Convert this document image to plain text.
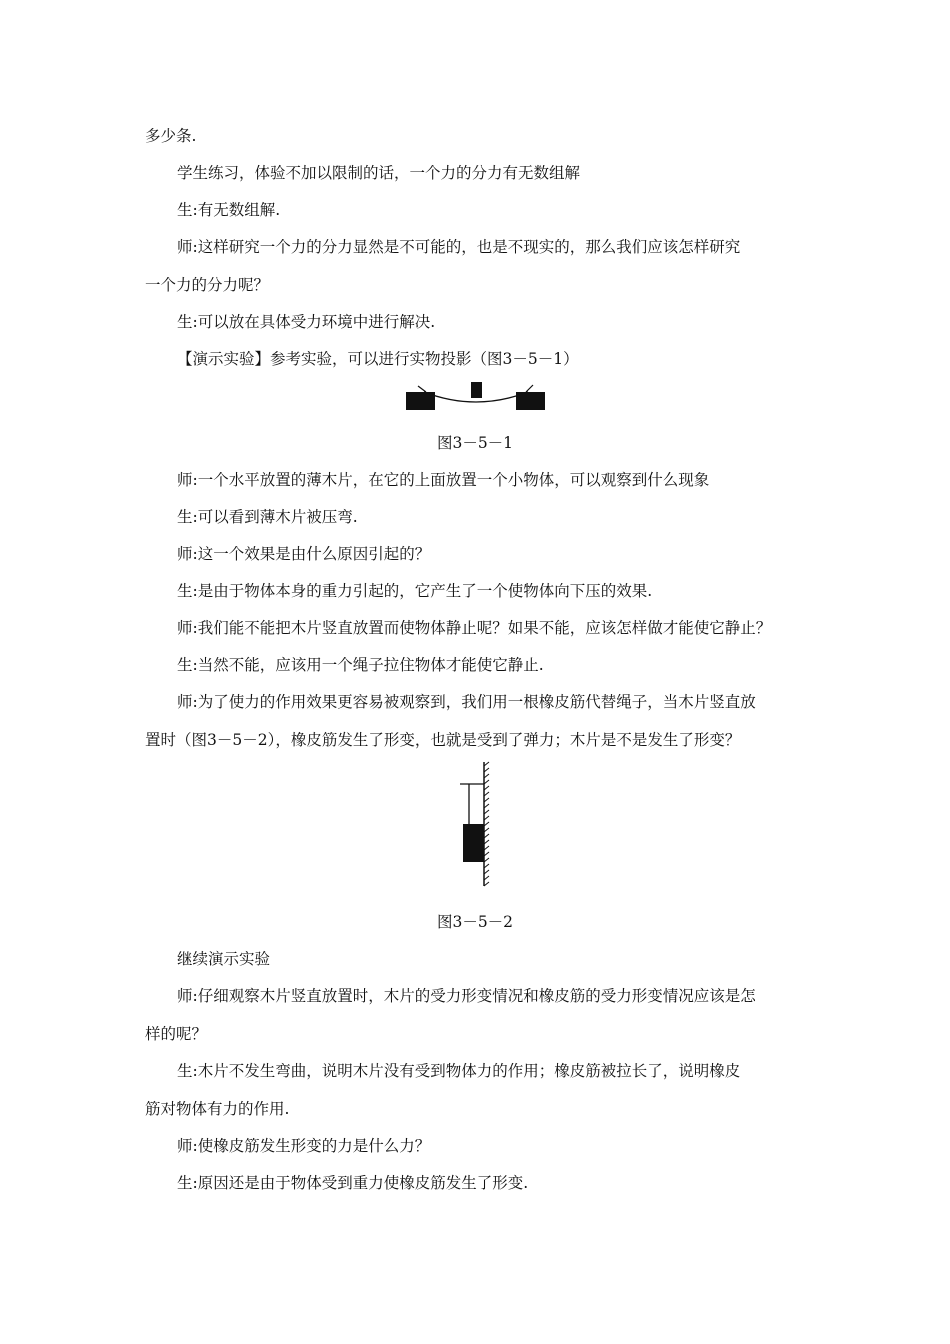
多少条.
学生练习，体验不加以限制的话，一个力的分力有无数组解
生:有无数组解.
师:这样研究一个力的分力显然是不可能的，也是不现实的，那么我们应该怎样研究
一个力的分力呢？
生:可以放在具体受力环境中进行解决.
【演示实验】参考实验，可以进行实物投影（图3－5－1）
图3－5－1
师:一个水平放置的薄木片，在它的上面放置一个小物体，可以观察到什么现象
生:可以看到薄木片被压弯.
师:这一个效果是由什么原因引起的？
生:是由于物体本身的重力引起的，它产生了一个使物体向下压的效果.
师:我们能不能把木片竖直放置而使物体静止呢？如果不能，应该怎样做才能使它静止？
生:当然不能，应该用一个绳子拉住物体才能使它静止.
师:为了使力的作用效果更容易被观察到，我们用一根橡皮筋代替绳子，当木片竖直放
置时（图3－5－2），橡皮筋发生了形变，也就是受到了弹力；木片是不是发生了形变？
图3－5－2
继续演示实验
师:仔细观察木片竖直放置时，木片的受力形变情况和橡皮筋的受力形变情况应该是怎
样的呢？
生:木片不发生弯曲，说明木片没有受到物体力的作用；橡皮筋被拉长了，说明橡皮
筋对物体有力的作用.
师:使橡皮筋发生形变的力是什么力？
生:原因还是由于物体受到重力使橡皮筋发生了形变.
